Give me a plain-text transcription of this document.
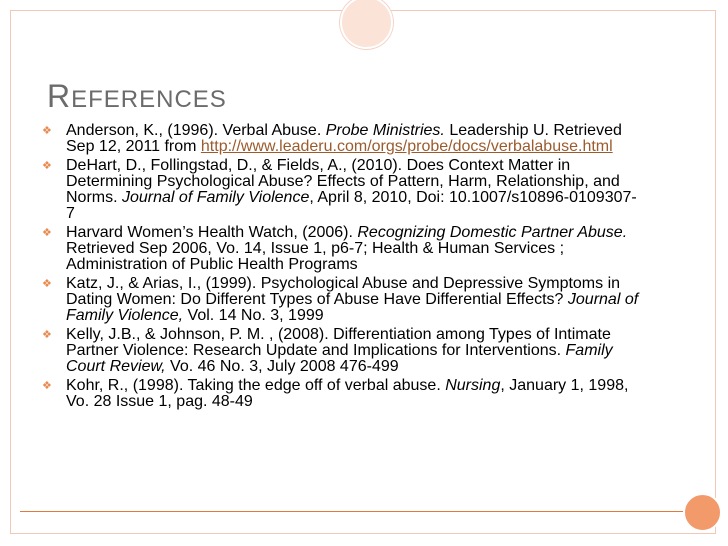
REFERENCES
❖ Anderson, K., (1996). Verbal Abuse. Probe Ministries. Leadership U. Retrieved Sep 12, 2011 from http://www.leaderu.com/orgs/probe/docs/verbalabuse.html
❖ DeHart, D., Follingstad, D., & Fields, A., (2010). Does Context Matter in Determining Psychological Abuse? Effects of Pattern, Harm, Relationship, and Norms. Journal of Family Violence, April 8, 2010, Doi: 10.1007/s10896-0109307-7
❖ Harvard Women’s Health Watch, (2006). Recognizing Domestic Partner Abuse. Retrieved Sep 2006, Vo. 14, Issue 1, p6-7; Health & Human Services ; Administration of Public Health Programs
❖ Katz, J., & Arias, I., (1999). Psychological Abuse and Depressive Symptoms in Dating Women: Do Different Types of Abuse Have Differential Effects? Journal of Family Violence, Vol. 14 No. 3, 1999
❖ Kelly, J.B., & Johnson, P. M. , (2008). Differentiation among Types of Intimate Partner Violence: Research Update and Implications for Interventions. Family Court Review, Vo. 46 No. 3, July 2008 476-499
❖ Kohr, R., (1998). Taking the edge off of verbal abuse. Nursing, January 1, 1998, Vo. 28 Issue 1, pag. 48-49
